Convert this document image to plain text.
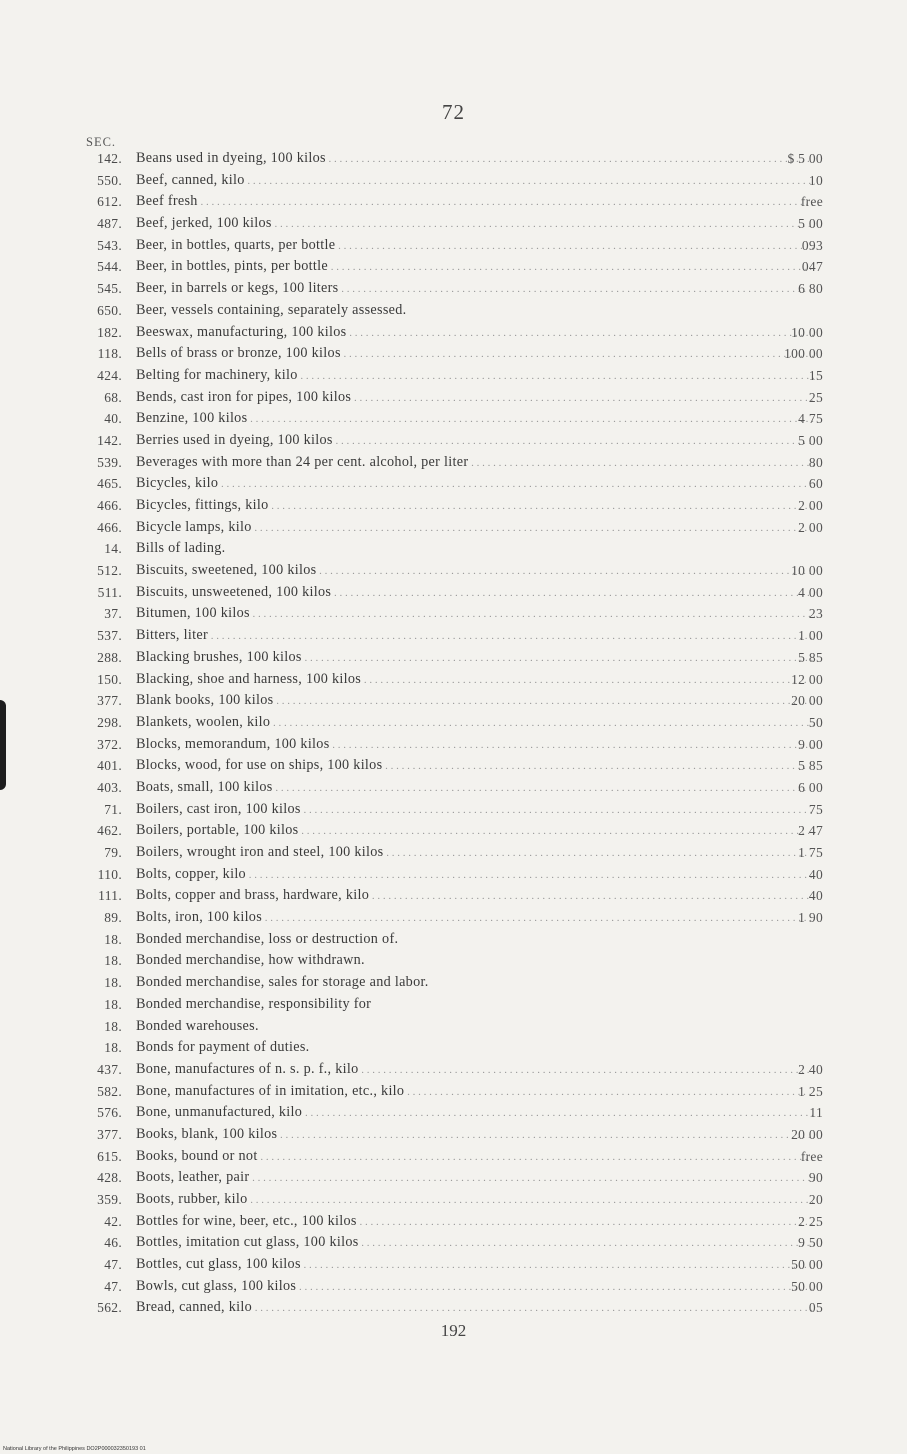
72
SEC.
142. Beans used in dyeing, 100 kilos . . .	$ 5 00
550. Beef, canned, kilo . . .	10
612. Beef fresh . . .	free
487. Beef, jerked, 100 kilos . . .	5 00
543. Beer, in bottles, quarts, per bottle . . .	093
544. Beer, in bottles, pints, per bottle . . .	047
545. Beer, in barrels or kegs, 100 liters . . .	6 80
650. Beer, vessels containing, separately assessed.
182. Beeswax, manufacturing, 100 kilos . . .	10 00
118. Bells of brass or bronze, 100 kilos . . .	100 00
424. Belting for machinery, kilo . . .	15
68. Bends, cast iron for pipes, 100 kilos . . .	25
40. Benzine, 100 kilos . . .	4 75
142. Berries used in dyeing, 100 kilos . . .	5 00
539. Beverages with more than 24 per cent. alcohol, per liter . . .	80
465. Bicycles, kilo . . .	60
466. Bicycles, fittings, kilo . . .	2 00
466. Bicycle lamps, kilo . . .	2 00
14. Bills of lading.
512. Biscuits, sweetened, 100 kilos . . .	10 00
511. Biscuits, unsweetened, 100 kilos . . .	4 00
37. Bitumen, 100 kilos . . .	23
537. Bitters, liter . . .	1 00
288. Blacking brushes, 100 kilos . . .	5 85
150. Blacking, shoe and harness, 100 kilos . . .	12 00
377. Blank books, 100 kilos . . .	20 00
298. Blankets, woolen, kilo . . .	50
372. Blocks, memorandum, 100 kilos . . .	9 00
401. Blocks, wood, for use on ships, 100 kilos . . .	5 85
403. Boats, small, 100 kilos . . .	6 00
71. Boilers, cast iron, 100 kilos . . .	75
462. Boilers, portable, 100 kilos . . .	2 47
79. Boilers, wrought iron and steel, 100 kilos . . .	1 75
110. Bolts, copper, kilo . . .	40
111. Bolts, copper and brass, hardware, kilo . . .	40
89. Bolts, iron, 100 kilos . . .	1 90
18. Bonded merchandise, loss or destruction of.
18. Bonded merchandise, how withdrawn.
18. Bonded merchandise, sales for storage and labor.
18. Bonded merchandise, responsibility for
18. Bonded warehouses.
18. Bonds for payment of duties.
437. Bone, manufactures of n. s. p. f., kilo . . .	2 40
582. Bone, manufactures of in imitation, etc., kilo . . .	1 25
576. Bone, unmanufactured, kilo . . .	11
377. Books, blank, 100 kilos . . .	20 00
615. Books, bound or not . . .	free
428. Boots, leather, pair . . .	90
359. Boots, rubber, kilo . . .	20
42. Bottles for wine, beer, etc., 100 kilos . . .	2 25
46. Bottles, imitation cut glass, 100 kilos . . .	9 50
47. Bottles, cut glass, 100 kilos . . .	50 00
47. Bowls, cut glass, 100 kilos . . .	50 00
562. Bread, canned, kilo . . .	05
192
National Library of the Philippines DO2P000032350193 01
